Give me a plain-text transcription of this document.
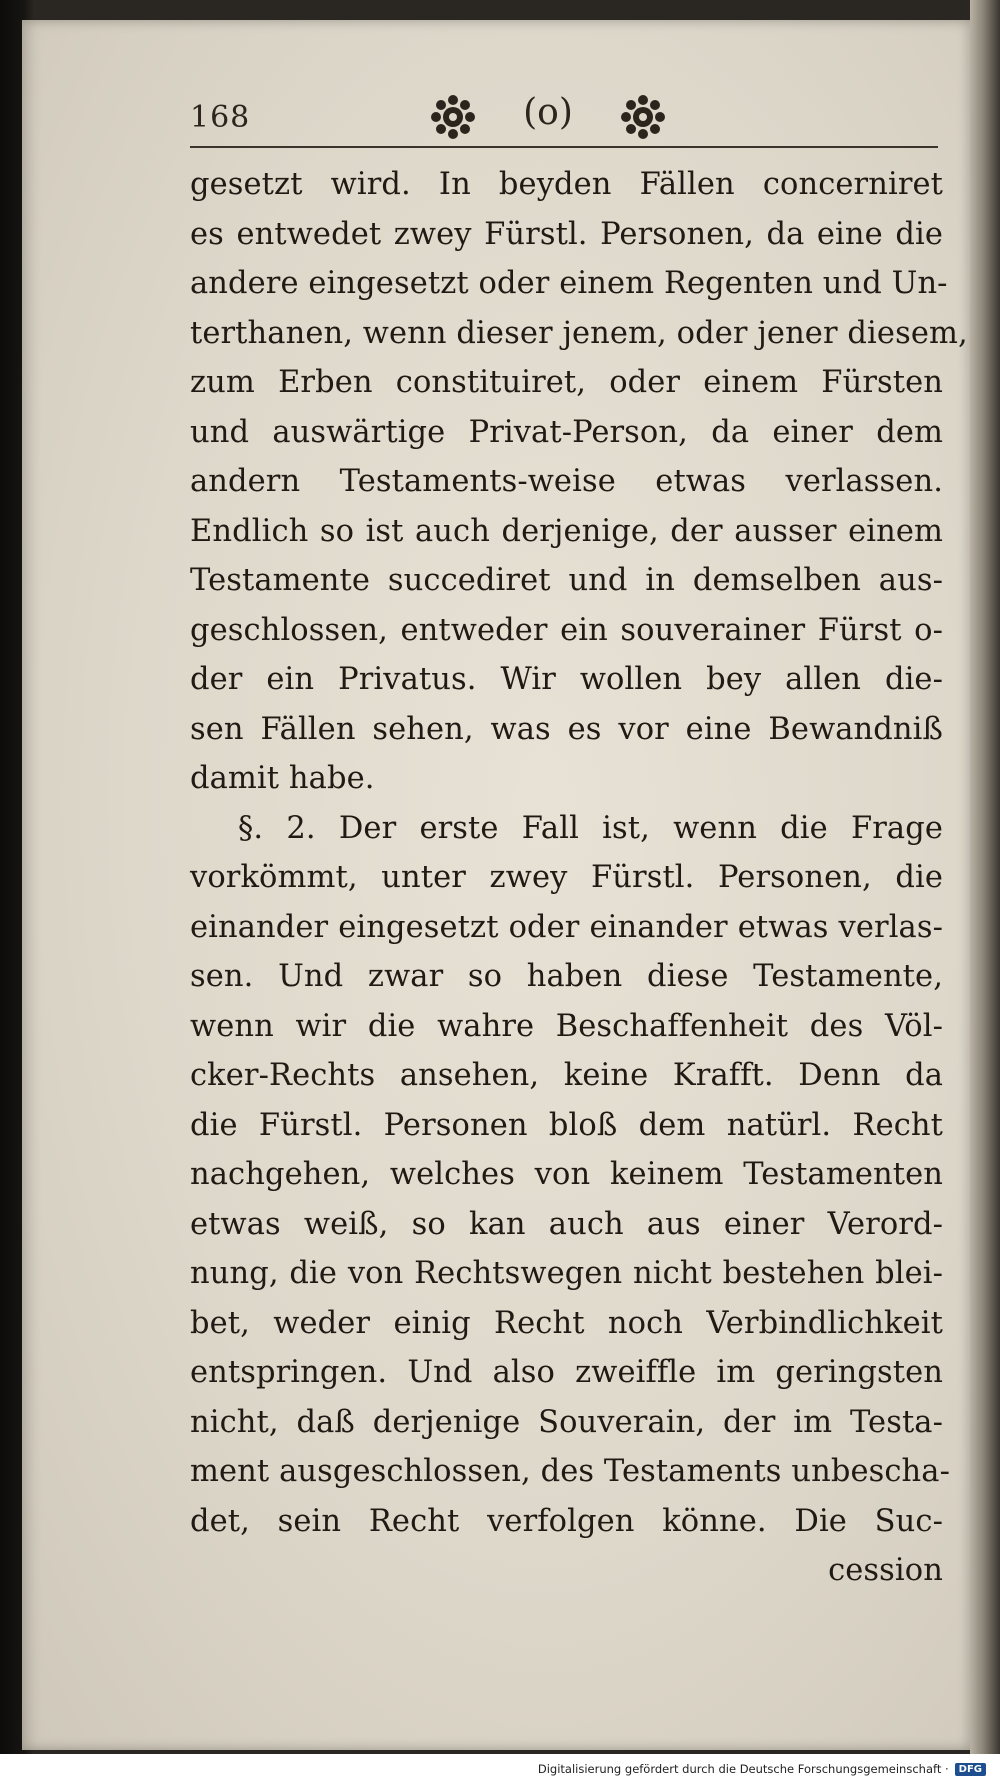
168	(o)
gesetzt wird. In beyden Fällen concerniret
es entwedet zwey Fürstl. Personen, da eine die
andere eingesetzt oder einem Regenten und Un-
terthanen, wenn dieser jenem, oder jener diesem,
zum Erben constituiret, oder einem Fürsten
und auswärtige Privat-Person, da einer dem
andern Testaments-weise etwas verlassen.
Endlich so ist auch derjenige, der ausser einem
Testamente succediret und in demselben aus-
geschlossen, entweder ein souverainer Fürst o-
der ein Privatus. Wir wollen bey allen die-
sen Fällen sehen, was es vor eine Bewandniß
damit habe.
§. 2. Der erste Fall ist, wenn die Frage
vorkömmt, unter zwey Fürstl. Personen, die
einander eingesetzt oder einander etwas verlas-
sen. Und zwar so haben diese Testamente,
wenn wir die wahre Beschaffenheit des Völ-
cker-Rechts ansehen, keine Krafft. Denn da
die Fürstl. Personen bloß dem natürl. Recht
nachgehen, welches von keinem Testamenten
etwas weiß, so kan auch aus einer Verord-
nung, die von Rechtswegen nicht bestehen blei-
bet, weder einig Recht noch Verbindlichkeit
entspringen. Und also zweiffle im geringsten
nicht, daß derjenige Souverain, der im Testa-
ment ausgeschlossen, des Testaments unbescha-
det, sein Recht verfolgen könne. Die Suc-
cession
Digitalisierung gefördert durch die Deutsche Forschungsgemeinschaft ·	DFG
